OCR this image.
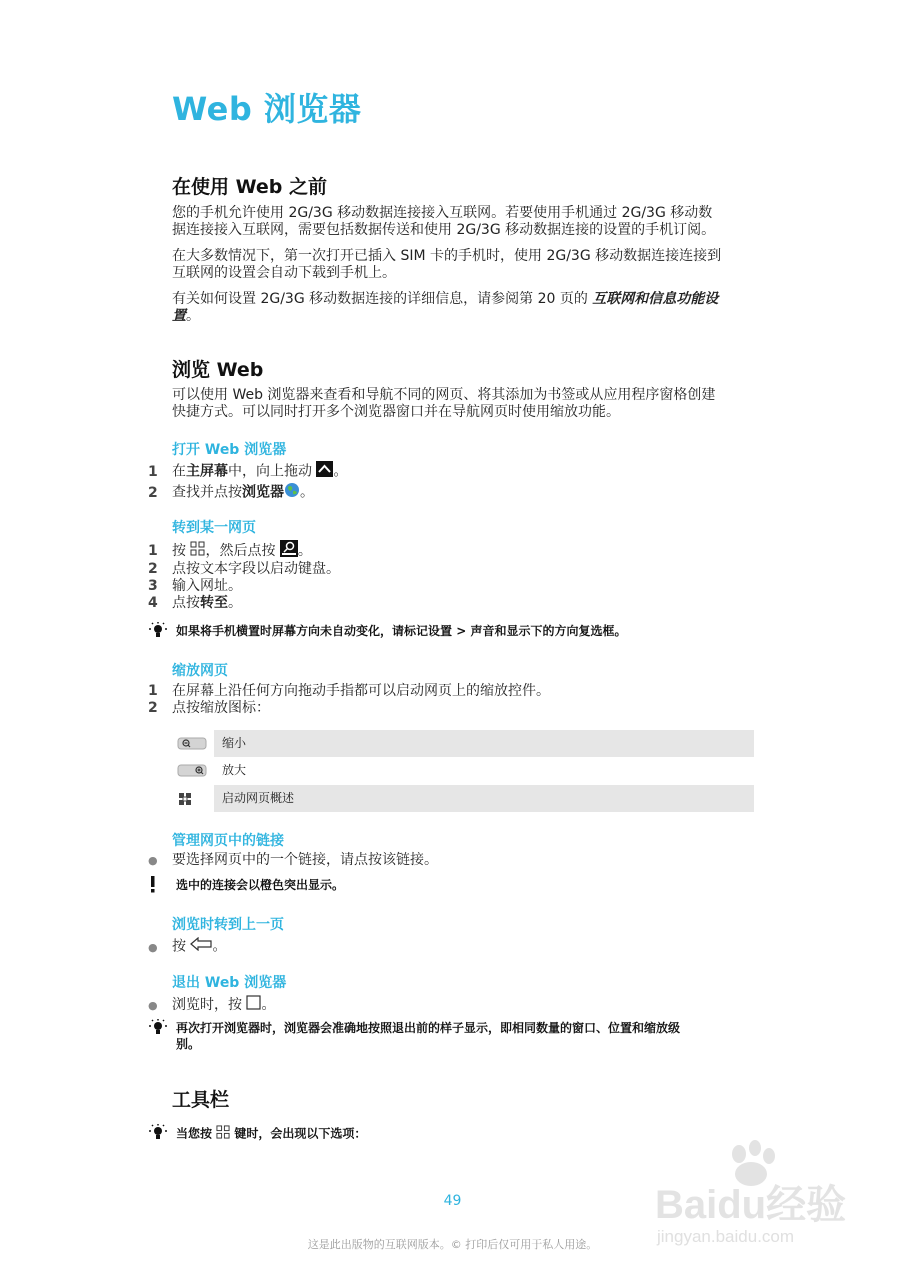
Web 浏览器
在使用 Web 之前
您的手机允许使用 2G/3G 移动数据连接接入互联网。若要使用手机通过 2G/3G 移动数
据连接接入互联网，需要包括数据传送和使用 2G/3G 移动数据连接的设置的手机订阅。
在大多数情况下，第一次打开已插入 SIM 卡的手机时，使用 2G/3G 移动数据连接连接到
互联网的设置会自动下载到手机上。
有关如何设置 2G/3G 移动数据连接的详细信息，请参阅第 20 页的 互联网和信息功能设
置。
浏览 Web
可以使用 Web 浏览器来查看和导航不同的网页、将其添加为书签或从应用程序窗格创建
快捷方式。可以同时打开多个浏览器窗口并在导航网页时使用缩放功能。
打开 Web 浏览器
1 在主屏幕中，向上拖动 。
2 查找并点按浏览器 。
转到某一网页
1 按 ，然后点按 。
2 点按文本字段以启动键盘。
3 输入网址。
4 点按转至。
如果将手机横置时屏幕方向未自动变化，请标记设置 > 声音和显示下的方向复选框。
缩放网页
1 在屏幕上沿任何方向拖动手指都可以启动网页上的缩放控件。
2 点按缩放图标：
缩小
放大
启动网页概述
管理网页中的链接
● 要选择网页中的一个链接，请点按该链接。
选中的连接会以橙色突出显示。
浏览时转到上一页
● 按 。
退出 Web 浏览器
● 浏览时，按 。
再次打开浏览器时，浏览器会准确地按照退出前的样子显示，即相同数量的窗口、位置和缩放级
别。
工具栏
当您按  键时，会出现以下选项：
Baidu经验
jingyan.baidu.com
49
这是此出版物的互联网版本。© 打印后仅可用于私人用途。
